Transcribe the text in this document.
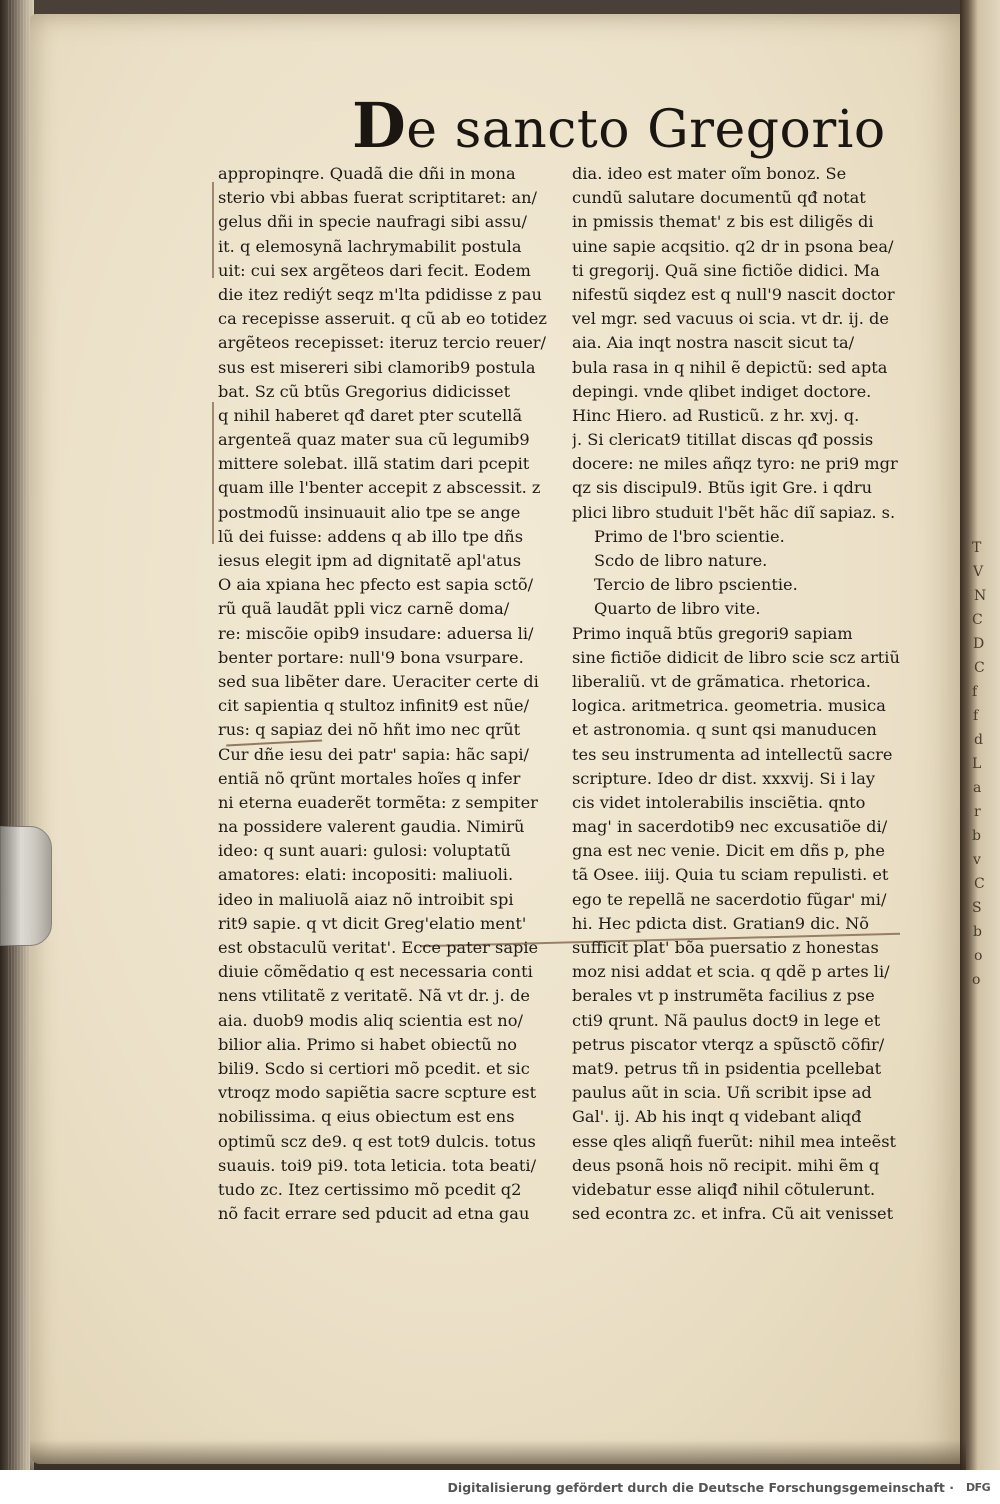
De sancto Gregorio
appropinqre. Quadã die dñi in mona
sterio vbi abbas fuerat scriptitaret: an/
gelus dñi in specie naufragi sibi assu/
it. q elemosynã lachrymabilit postula
uit: cui sex argẽteos dari fecit. Eodem
die itez rediýt seqz m'lta pdidisse z pau
ca recepisse asseruit. q cũ ab eo totidez
argẽteos recepisset: iteruz tercio reuer/
sus est misereri sibi clamorib9 postula
bat. Sz cũ btũs Gregorius didicisset
q nihil haberet qđ daret pter scutellã
argenteã quaz mater sua cũ legumib9
mittere solebat. illã statim dari pcepit
quam ille l'benter accepit z abscessit. z
postmodũ insinuauit alio tpe se ange
lũ dei fuisse: addens q ab illo tpe dñs
iesus elegit ipm ad dignitatẽ apl'atus
O aia xpiana hec pfecto est sapia sctõ/
rũ quã laudãt ppli vicz carnẽ doma/
re: miscõie opib9 insudare: aduersa li/
benter portare: null'9 bona vsurpare.
sed sua libẽter dare. Ueraciter certe di
cit sapientia q stultoz infinit9 est nũe/
rus: q sapiaz dei nõ hñt imo nec qrũt
Cur dñe iesu dei patr' sapia: hãc sapi/
entiã nõ qrũnt mortales hoĩes q infer
ni eterna euaderẽt tormẽta: z sempiter
na possidere valerent gaudia. Nimirũ
ideo: q sunt auari: gulosi: voluptatũ
amatores: elati: incopositi: maliuoli.
ideo in maliuolã aiaz nõ introibit spi
rit9 sapie. q vt dicit Greg'elatio ment'
est obstaculũ veritat'. Ecce pater sapie
diuie cõmẽdatio q est necessaria conti
nens vtilitatẽ z veritatẽ. Nã vt dr. j. de
aia. duob9 modis aliq scientia est no/
bilior alia. Primo si habet obiectũ no
bili9. Scdo si certiori mõ pcedit. et sic
vtroqz modo sapiẽtia sacre scpture est
nobilissima. q eius obiectum est ens
optimũ scz de9. q est tot9 dulcis. totus
suauis. toi9 pi9. tota leticia. tota beati/
tudo zc. Itez certissimo mõ pcedit q2
nõ facit errare sed pducit ad etna gau
dia. ideo est mater oĩm bonoz. Se
cundũ salutare documentũ qđ notat
in pmissis themat' z bis est diligẽs di
uine sapie acqsitio. q2 dr in psona bea/
ti gregorij. Quã sine fictiõe didici. Ma
nifestũ siqdez est q null'9 nascit doctor
vel mgr. sed vacuus oi scia. vt dr. ij. de
aia. Aia inqt nostra nascit sicut ta/
bula rasa in q nihil ẽ depictũ: sed apta
depingi. vnde qlibet indiget doctore.
Hinc Hiero. ad Rusticũ. z hr. xvj. q.
j. Si clericat9 titillat discas qđ possis
docere: ne miles añqz tyro: ne pri9 mgr
qz sis discipul9. Btũs igit Gre. i qdru
plici libro studuit l'bẽt hãc diĩ sapiaz. s.
Primo de l'bro scientie.
Scdo de libro nature.
Tercio de libro pscientie.
Quarto de libro vite.
Primo inquã btũs gregori9 sapiam
sine fictiõe didicit de libro scie scz artiũ
liberaliũ. vt de grãmatica. rhetorica.
logica. aritmetrica. geometria. musica
et astronomia. q sunt qsi manuducen
tes seu instrumenta ad intellectũ sacre
scripture. Ideo dr dist. xxxvij. Si i lay
cis videt intolerabilis insciẽtia. qnto
mag' in sacerdotib9 nec excusatiõe di/
gna est nec venie. Dicit em dñs p, phe
tã Osee. iiij. Quia tu sciam repulisti. et
ego te repellã ne sacerdotio fũgar' mi/
hi. Hec pdicta dist. Gratian9 dic. Nõ
sufficit plat' bõa puersatio z honestas
moz nisi addat et scia. q qdẽ p artes li/
berales vt p instrumẽta facilius z pse
cti9 qrunt. Nã paulus doct9 in lege et
petrus piscator vterqz a spũsctõ cõfir/
mat9. petrus tñ in psidentia pcellebat
paulus aũt in scia. Uñ scribit ipse ad
Gal'. ij. Ab his inqt q videbant aliqđ
esse qles aliqñ fuerũt: nihil mea inteẽst
deus psonã hois nõ recipit. mihi ẽm q
videbatur esse aliqđ nihil cõtulerunt.
sed econtra zc. et infra. Cũ ait venisset
T
V
N
C
D
C
f
f
d
L
a
r
b
v
C
S
b
o
o
Digitalisierung gefördert durch die Deutsche Forschungsgemeinschaft · DFG
